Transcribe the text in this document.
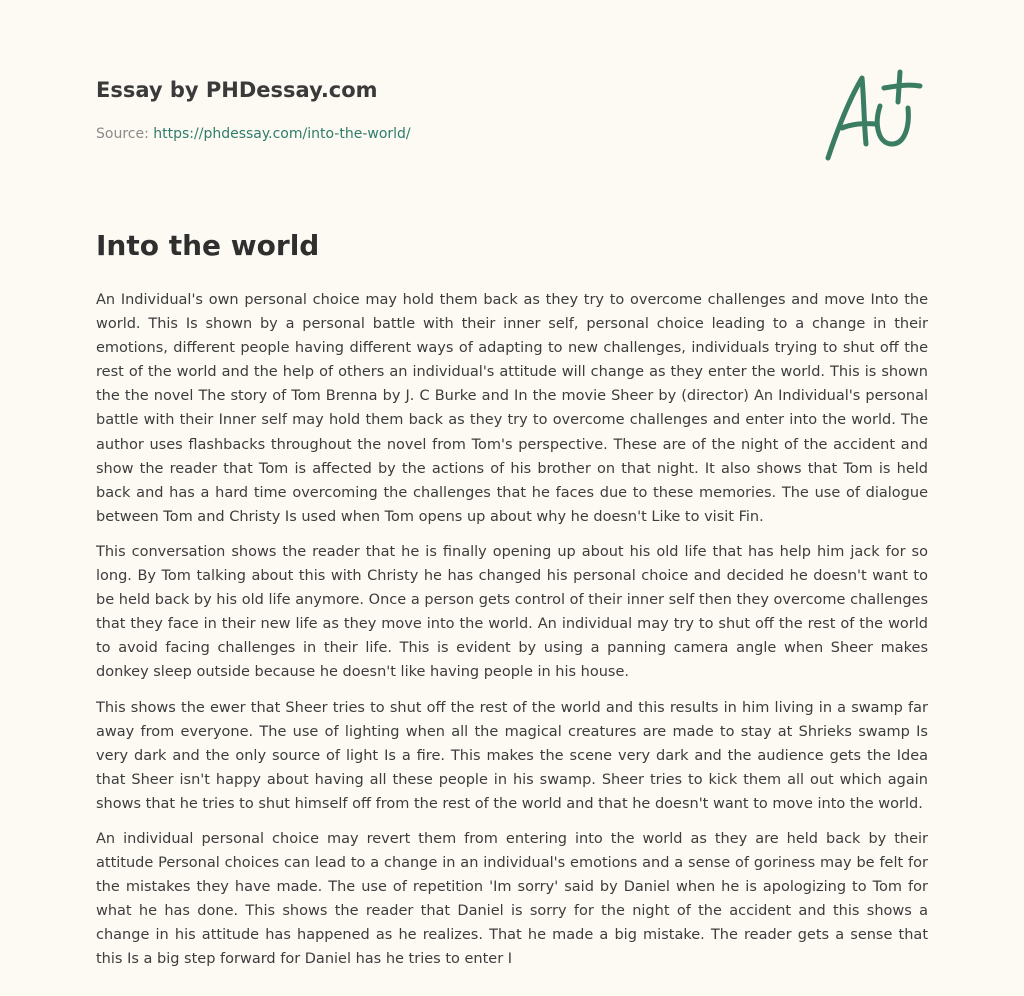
Essay by PHDessay.com
Source: https://phdessay.com/into-the-world/
Into the world

An Individual's own personal choice may hold them back as they try to overcome challenges and move Into the world. This Is shown by a personal battle with their inner self, personal choice leading to a change in their emotions, different people having different ways of adapting to new challenges, individuals trying to shut off the rest of the world and the help of others an individual's attitude will change as they enter the world. This is shown the the novel The story of Tom Brenna by J. C Burke and In the movie Sheer by (director) An Individual's personal battle with their Inner self may hold them back as they try to overcome challenges and enter into the world. The author uses flashbacks throughout the novel from Tom's perspective. These are of the night of the accident and show the reader that Tom is affected by the actions of his brother on that night. It also shows that Tom is held back and has a hard time overcoming the challenges that he faces due to these memories. The use of dialogue between Tom and Christy Is used when Tom opens up about why he doesn't Like to visit Fin.

This conversation shows the reader that he is finally opening up about his old life that has help him jack for so long. By Tom talking about this with Christy he has changed his personal choice and decided he doesn't want to be held back by his old life anymore. Once a person gets control of their inner self then they overcome challenges that they face in their new life as they move into the world. An individual may try to shut off the rest of the world to avoid facing challenges in their life. This is evident by using a panning camera angle when Sheer makes donkey sleep outside because he doesn't like having people in his house.

This shows the ewer that Sheer tries to shut off the rest of the world and this results in him living in a swamp far away from everyone. The use of lighting when all the magical creatures are made to stay at Shrieks swamp Is very dark and the only source of light Is a fire. This makes the scene very dark and the audience gets the Idea that Sheer isn't happy about having all these people in his swamp. Sheer tries to kick them all out which again shows that he tries to shut himself off from the rest of the world and that he doesn't want to move into the world.

An individual personal choice may revert them from entering into the world as they are held back by their attitude Personal choices can lead to a change in an individual's emotions and a sense of goriness may be felt for the mistakes they have made. The use of repetition 'Im sorry' said by Daniel when he is apologizing to Tom for what he has done. This shows the reader that Daniel is sorry for the night of the accident and this shows a change in his attitude has happened as he realizes. That he made a big mistake. The reader gets a sense that this Is a big step forward for Daniel has he tries to enter I
